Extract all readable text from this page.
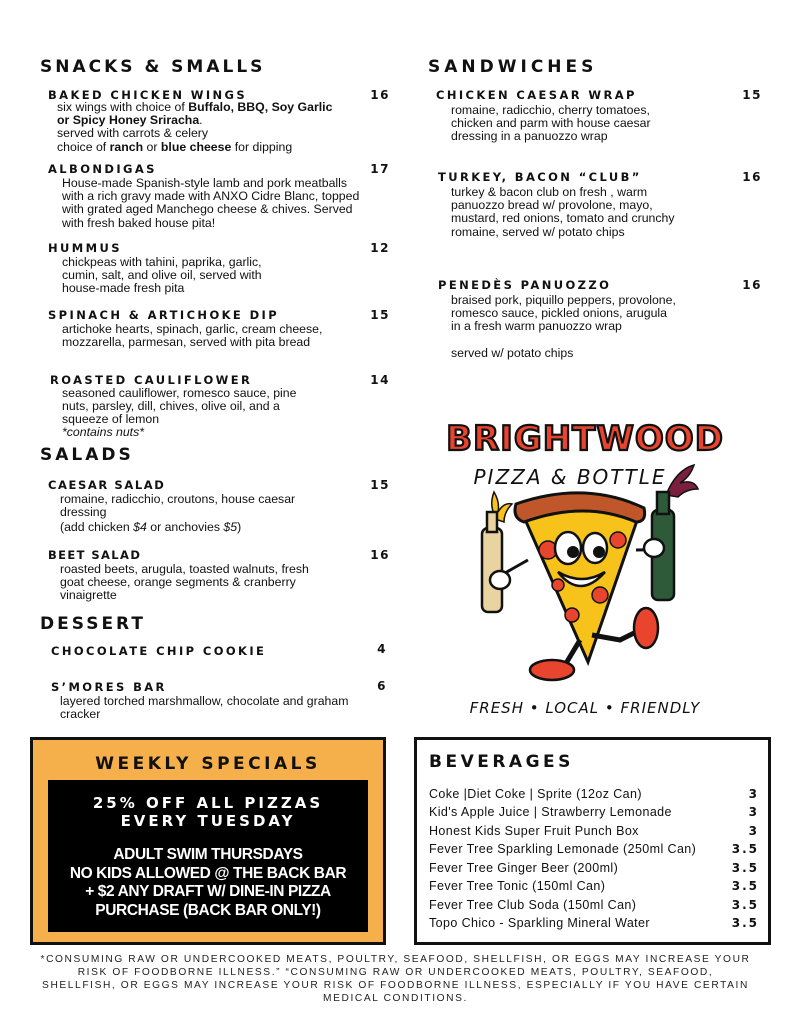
SNACKS & SMALLS
BAKED CHICKEN WINGS	16
six wings with choice of Buffalo, BBQ, Soy Garlic or Spicy Honey Sriracha.
served with carrots & celery
choice of ranch or blue cheese for dipping
ALBONDIGAS	17
House-made Spanish-style lamb and pork meatballs with a rich gravy made with ANXO Cidre Blanc, topped with grated aged Manchego cheese & chives. Served with fresh baked house pita!
HUMMUS	12
chickpeas with tahini, paprika, garlic, cumin, salt, and olive oil, served with house-made fresh pita
SPINACH & ARTICHOKE DIP	15
artichoke hearts, spinach, garlic, cream cheese, mozzarella, parmesan, served with pita bread
ROASTED CAULIFLOWER	14
seasoned cauliflower, romesco sauce, pine nuts, parsley, dill, chives, olive oil, and a squeeze of lemon
*contains nuts*
SALADS
CAESAR SALAD	15
romaine, radicchio, croutons, house caesar dressing
(add chicken $4 or anchovies $5)
BEET SALAD	16
roasted beets, arugula, toasted walnuts, fresh goat cheese, orange segments & cranberry vinaigrette
DESSERT
CHOCOLATE CHIP COOKIE	4
S’MORES BAR	6
layered torched marshmallow, chocolate and graham cracker
SANDWICHES
CHICKEN CAESAR WRAP	15
romaine, radicchio, cherry tomatoes, chicken and parm with house caesar dressing in a panuozzo wrap
TURKEY, BACON “CLUB”	16
turkey & bacon club on fresh , warm panuozzo bread w/ provolone, mayo, mustard, red onions, tomato and crunchy romaine, served w/ potato chips
PENEDÈS PANUOZZO	16
braised pork, piquillo peppers, provolone, romesco sauce, pickled onions, arugula in a fresh warm panuozzo wrap
served w/ potato chips
BRIGHTWOOD
PIZZA & BOTTLE
FRESH • LOCAL • FRIENDLY
WEEKLY SPECIALS
25% OFF ALL PIZZAS
EVERY TUESDAY
ADULT SWIM THURSDAYS
NO KIDS ALLOWED @ THE BACK BAR
+ $2 ANY DRAFT W/ DINE-IN PIZZA
PURCHASE (BACK BAR ONLY!)
BEVERAGES
Coke |Diet Coke | Sprite (12oz Can)	3
Kid's Apple Juice | Strawberry Lemonade	3
Honest Kids Super Fruit Punch Box	3
Fever Tree Sparkling Lemonade (250ml Can)	3.5
Fever Tree Ginger Beer (200ml)	3.5
Fever Tree Tonic (150ml Can)	3.5
Fever Tree Club Soda (150ml Can)	3.5
Topo Chico - Sparkling Mineral Water	3.5
*CONSUMING RAW OR UNDERCOOKED MEATS, POULTRY, SEAFOOD, SHELLFISH, OR EGGS MAY INCREASE YOUR RISK OF FOODBORNE ILLNESS.” “CONSUMING RAW OR UNDERCOOKED MEATS, POULTRY, SEAFOOD, SHELLFISH, OR EGGS MAY INCREASE YOUR RISK OF FOODBORNE ILLNESS, ESPECIALLY IF YOU HAVE CERTAIN MEDICAL CONDITIONS.
